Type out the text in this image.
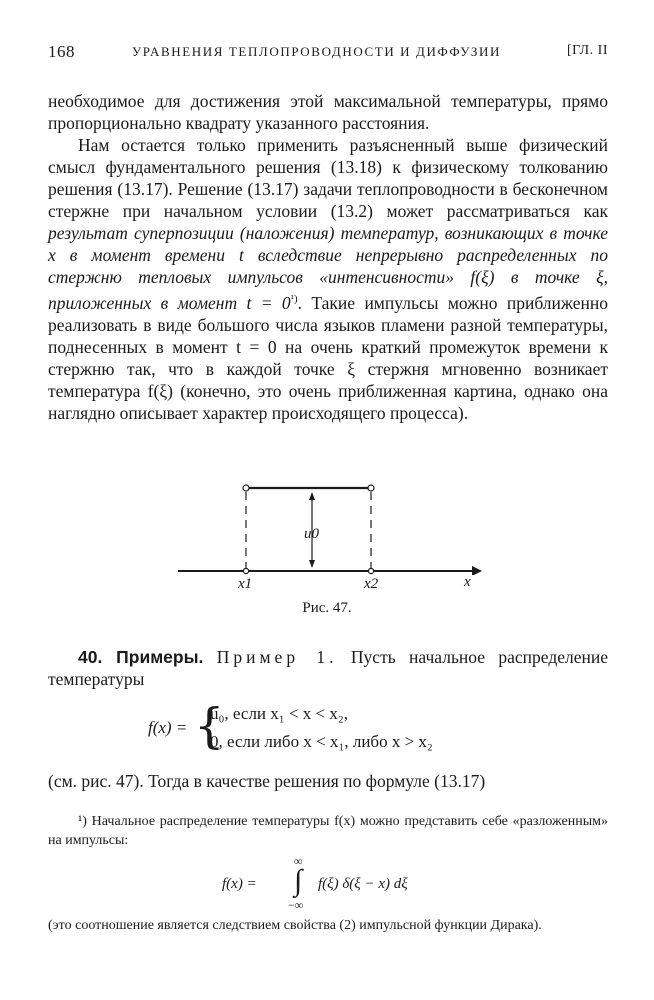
168	УРАВНЕНИЯ ТЕПЛОПРОВОДНОСТИ И ДИФФУЗИИ	[ГЛ. II
необходимое для достижения этой максимальной температуры, прямо пропорционально квадрату указанного расстояния.
Нам остается только применить разъясненный выше физический смысл фундаментального решения (13.18) к физическому толкованию решения (13.17). Решение (13.17) задачи теплопроводности в бесконечном стержне при начальном условии (13.2) может рассматриваться как результат суперпозиции (наложения) температур, возникающих в точке x в момент времени t вследствие непрерывно распределенных по стержню тепловых импульсов «интенсивности» f(ξ) в точке ξ, приложенных в момент $t = 0^{^1)}$. Такие импульсы можно приближенно реализовать в виде большого числа языков пламени разной температуры, поднесенных в момент t = 0 на очень краткий промежуток времени к стержню так, что в каждой точке ξ стержня мгновенно возникает температура f(ξ) (конечно, это очень приближенная картина, однако она наглядно описывает характер происходящего процесса).
u0
x1	x2	x
Рис. 47.
40. Примеры. Пример 1. Пусть начальное распределение температуры
f(x) = {
u₀, если x₁ < x < x₂,
0, если либо x < x₁, либо x > x₂
(см. рис. 47). Тогда в качестве решения по формуле (13.17)
¹) Начальное распределение температуры f(x) можно представить себе «разложенным» на импульсы:
f(x) =
∞
∫
−∞
f(ξ) δ(ξ − x) dξ
(это соотношение является следствием свойства (2) импульсной функции Дирака).
